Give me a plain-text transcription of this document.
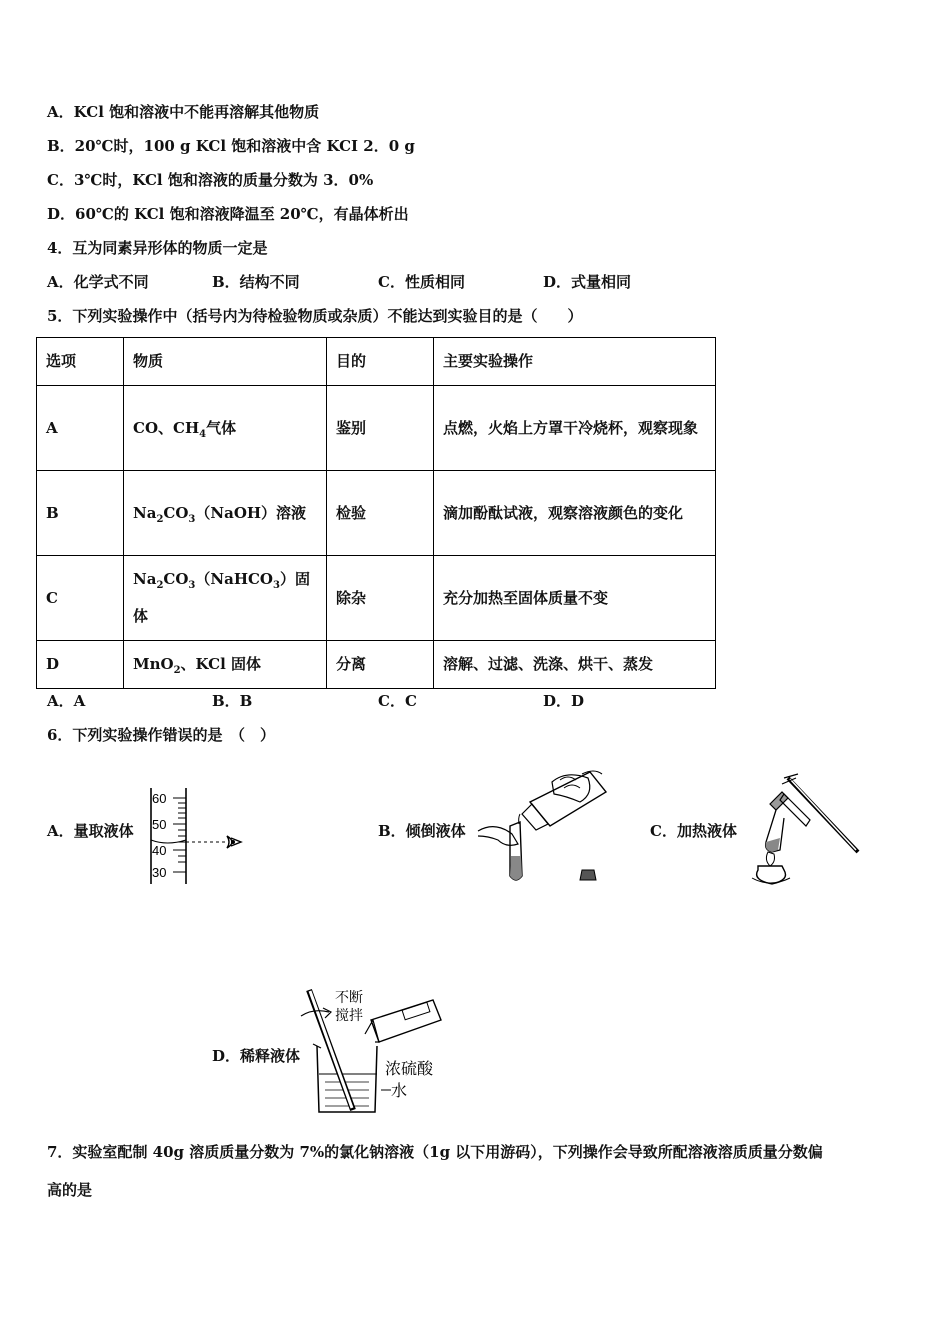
A．KCl 饱和溶液中不能再溶解其他物质
B．20℃时，100 g KCl 饱和溶液中含 KCI 2．0 g
C．3℃时，KCl 饱和溶液的质量分数为 3．0%
D．60℃的 KCl 饱和溶液降温至 20℃，有晶体析出
4．互为同素异形体的物质一定是
A．化学式不同	B．结构不同	C．性质相同	D．式量相同
5．下列实验操作中（括号内为待检验物质或杂质）不能达到实验目的是（　　）
选项	物质	目的	主要实验操作
A	CO、$CH_4$气体	鉴别	点燃，火焰上方罩干冷烧杯，观察现象
B	$Na_2CO_3(NaOH)$溶液	检验	滴加酚酞试液，观察溶液颜色的变化
C	$Na_2CO_3(NaHCO_3)$固体	除杂	充分加热至固体质量不变
D	MnO$_2$、KCl 固体	分离	溶解、过滤、洗涤、烘干、蒸发
A．A	B．B	C．C	D．D
6．下列实验操作错误的是　（　）
A．量取液体	B．倾倒液体	C．加热液体
D．稀释液体
60
50
40
30
不断
搅拌
浓硫酸
水
7．实验室配制 40g 溶质质量分数为 7%的氯化钠溶液（1g 以下用游码），下列操作会导致所配溶液溶质质量分数偏
高的是
